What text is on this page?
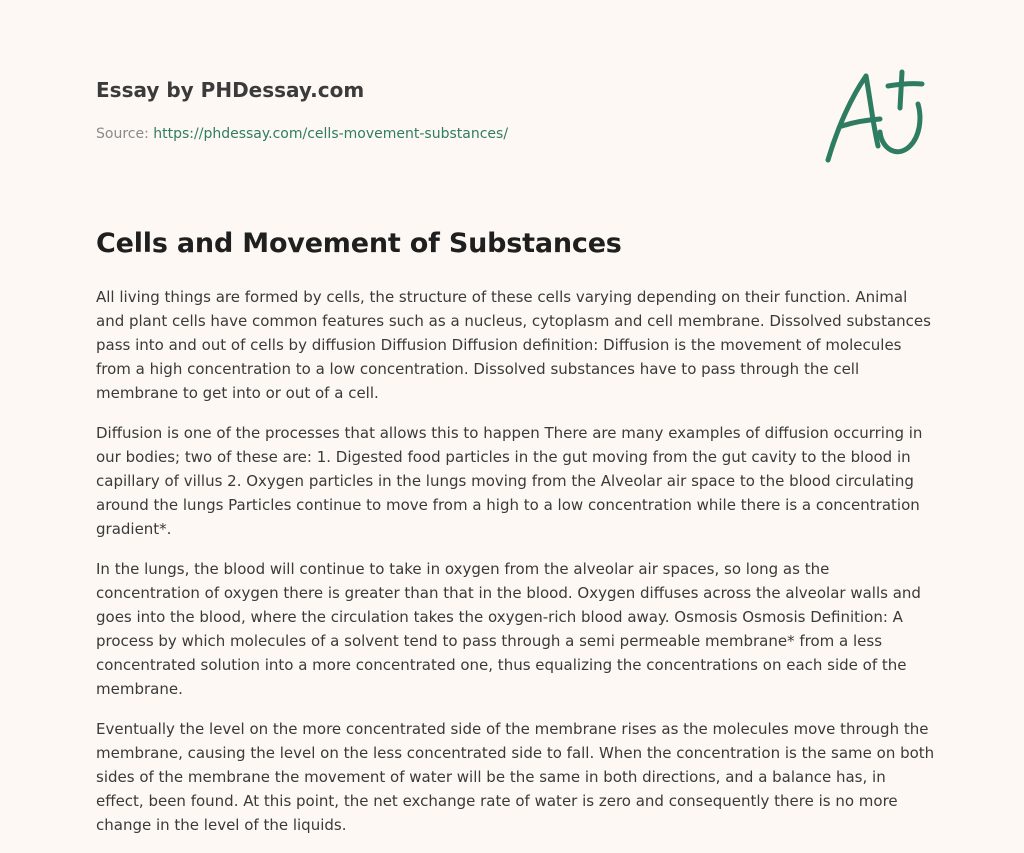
Essay by PHDessay.com
Source: https://phdessay.com/cells-movement-substances/
Cells and Movement of Substances

All living things are formed by cells, the structure of these cells varying depending on their function. Animal and plant cells have common features such as a nucleus, cytoplasm and cell membrane. Dissolved substances pass into and out of cells by diffusion Diffusion Diffusion definition: Diffusion is the movement of molecules from a high concentration to a low concentration. Dissolved substances have to pass through the cell membrane to get into or out of a cell.

Diffusion is one of the processes that allows this to happen There are many examples of diffusion occurring in our bodies; two of these are: 1. Digested food particles in the gut moving from the gut cavity to the blood in capillary of villus 2. Oxygen particles in the lungs moving from the Alveolar air space to the blood circulating around the lungs Particles continue to move from a high to a low concentration while there is a concentration gradient*.

In the lungs, the blood will continue to take in oxygen from the alveolar air spaces, so long as the concentration of oxygen there is greater than that in the blood. Oxygen diffuses across the alveolar walls and goes into the blood, where the circulation takes the oxygen-rich blood away. Osmosis Osmosis Definition: A process by which molecules of a solvent tend to pass through a semi permeable membrane* from a less concentrated solution into a more concentrated one, thus equalizing the concentrations on each side of the membrane.

Eventually the level on the more concentrated side of the membrane rises as the molecules move through the membrane, causing the level on the less concentrated side to fall. When the concentration is the same on both sides of the membrane the movement of water will be the same in both directions, and a balance has, in effect, been found. At this point, the net exchange rate of water is zero and consequently there is no more change in the level of the liquids.
